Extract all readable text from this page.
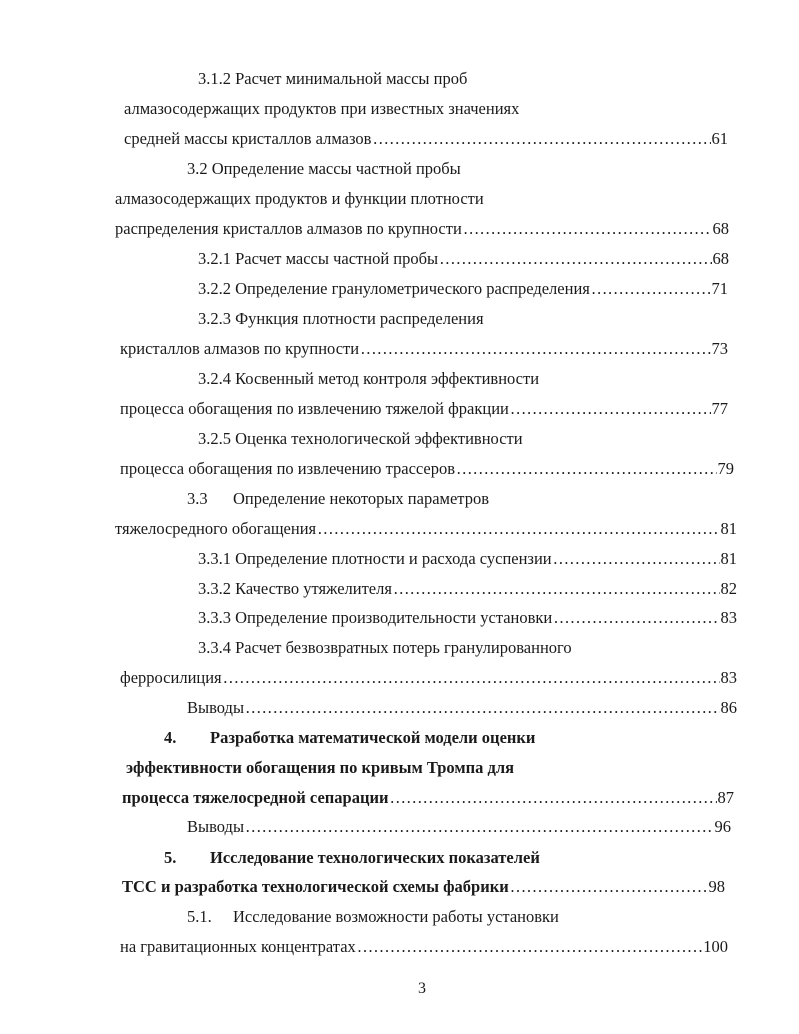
3.1.2 Расчет минимальной массы проб
алмазосодержащих продуктов при известных значениях
средней массы кристаллов алмазов ………………………………………………………………………………………………………………………………………………………………………………………	61
3.2 Определение массы частной пробы
алмазосодержащих продуктов и функции плотности
распределения кристаллов алмазов по крупности ………………………………………………………………………………………………………………………………………………………………………………………	68
3.2.1 Расчет массы частной пробы ………………………………………………………………………………………………………………………………………………………………………………………	68
3.2.2 Определение гранулометрического распределения ………………………………………………………………………………………………………………………………………………………………………………………	71
3.2.3 Функция плотности распределения
кристаллов алмазов по крупности ………………………………………………………………………………………………………………………………………………………………………………………	73
3.2.4 Косвенный метод контроля эффективности
процесса обогащения по извлечению тяжелой фракции ………………………………………………………………………………………………………………………………………………………………………………………	77
3.2.5 Оценка технологической эффективности
процесса обогащения по извлечению трассеров ………………………………………………………………………………………………………………………………………………………………………………………	79
3.3 Определение некоторых параметров
тяжелосредного обогащения ………………………………………………………………………………………………………………………………………………………………………………………	81
3.3.1 Определение плотности и расхода суспензии ………………………………………………………………………………………………………………………………………………………………………………………	81
3.3.2 Качество утяжелителя ………………………………………………………………………………………………………………………………………………………………………………………	82
3.3.3 Определение производительности установки ………………………………………………………………………………………………………………………………………………………………………………………	83
3.3.4 Расчет безвозвратных потерь гранулированного
ферросилиция ………………………………………………………………………………………………………………………………………………………………………………………	83
Выводы ………………………………………………………………………………………………………………………………………………………………………………………	86
4. Разработка математической модели оценки
эффективности обогащения по кривым Тромпа для
процесса тяжелосредной сепарации ………………………………………………………………………………………………………………………………………………………………………………………	87
Выводы ………………………………………………………………………………………………………………………………………………………………………………………	96
5. Исследование технологических показателей
ТСС и разработка технологической схемы фабрики ………………………………………………………………………………………………………………………………………………………………………………………	98
5.1. Исследование возможности работы установки
на гравитационных концентратах ………………………………………………………………………………………………………………………………………………………………………………………	100
3
